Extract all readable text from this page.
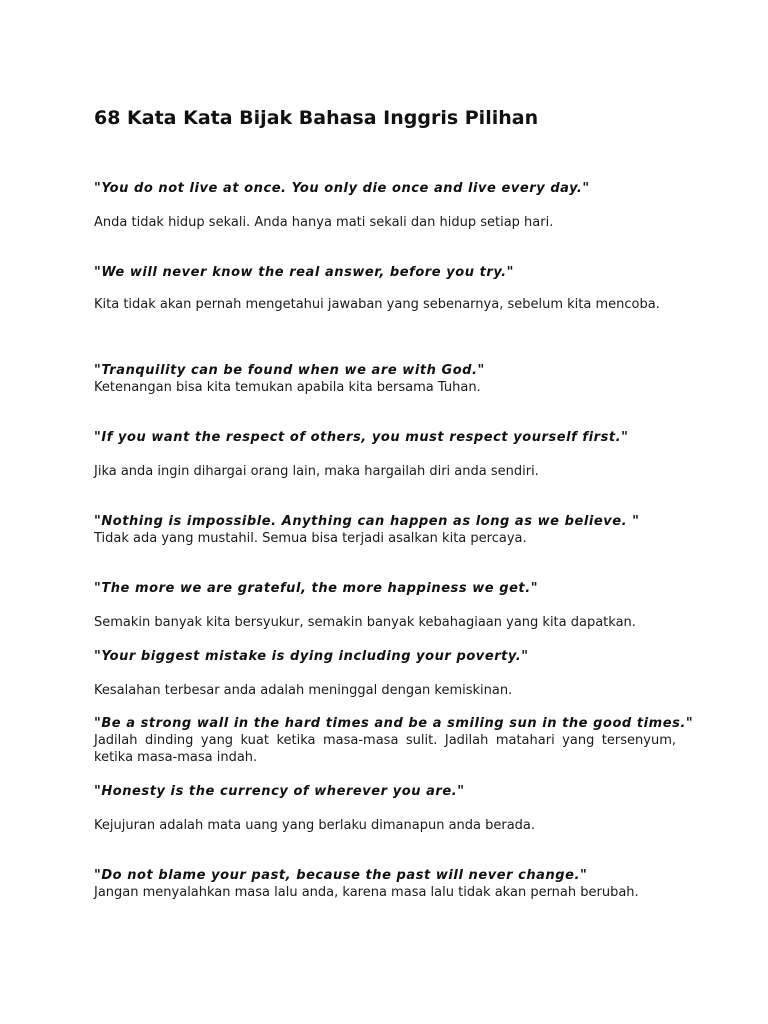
68 Kata Kata Bijak Bahasa Inggris Pilihan

"You do not live at once. You only die once and live every day."

Anda tidak hidup sekali. Anda hanya mati sekali dan hidup setiap hari.

"We will never know the real answer, before you try."

Kita tidak akan pernah mengetahui jawaban yang sebenarnya, sebelum kita mencoba.

"Tranquility can be found when we are with God."

Ketenangan bisa kita temukan apabila kita bersama Tuhan.

"If you want the respect of others, you must respect yourself first."

Jika anda ingin dihargai orang lain, maka hargailah diri anda sendiri.

"Nothing is impossible. Anything can happen as long as we believe. "

Tidak ada yang mustahil. Semua bisa terjadi asalkan kita percaya.

"The more we are grateful, the more happiness we get."

Semakin banyak kita bersyukur, semakin banyak kebahagiaan yang kita dapatkan.

"Your biggest mistake is dying including your poverty."

Kesalahan terbesar anda adalah meninggal dengan kemiskinan.

"Be a strong wall in the hard times and be a smiling sun in the good times."

Jadilah dinding yang kuat ketika masa-masa sulit. Jadilah matahari yang tersenyum, ketika masa-masa indah.

"Honesty is the currency of wherever you are."

Kejujuran adalah mata uang yang berlaku dimanapun anda berada.

"Do not blame your past, because the past will never change."

Jangan menyalahkan masa lalu anda, karena masa lalu tidak akan pernah berubah.
